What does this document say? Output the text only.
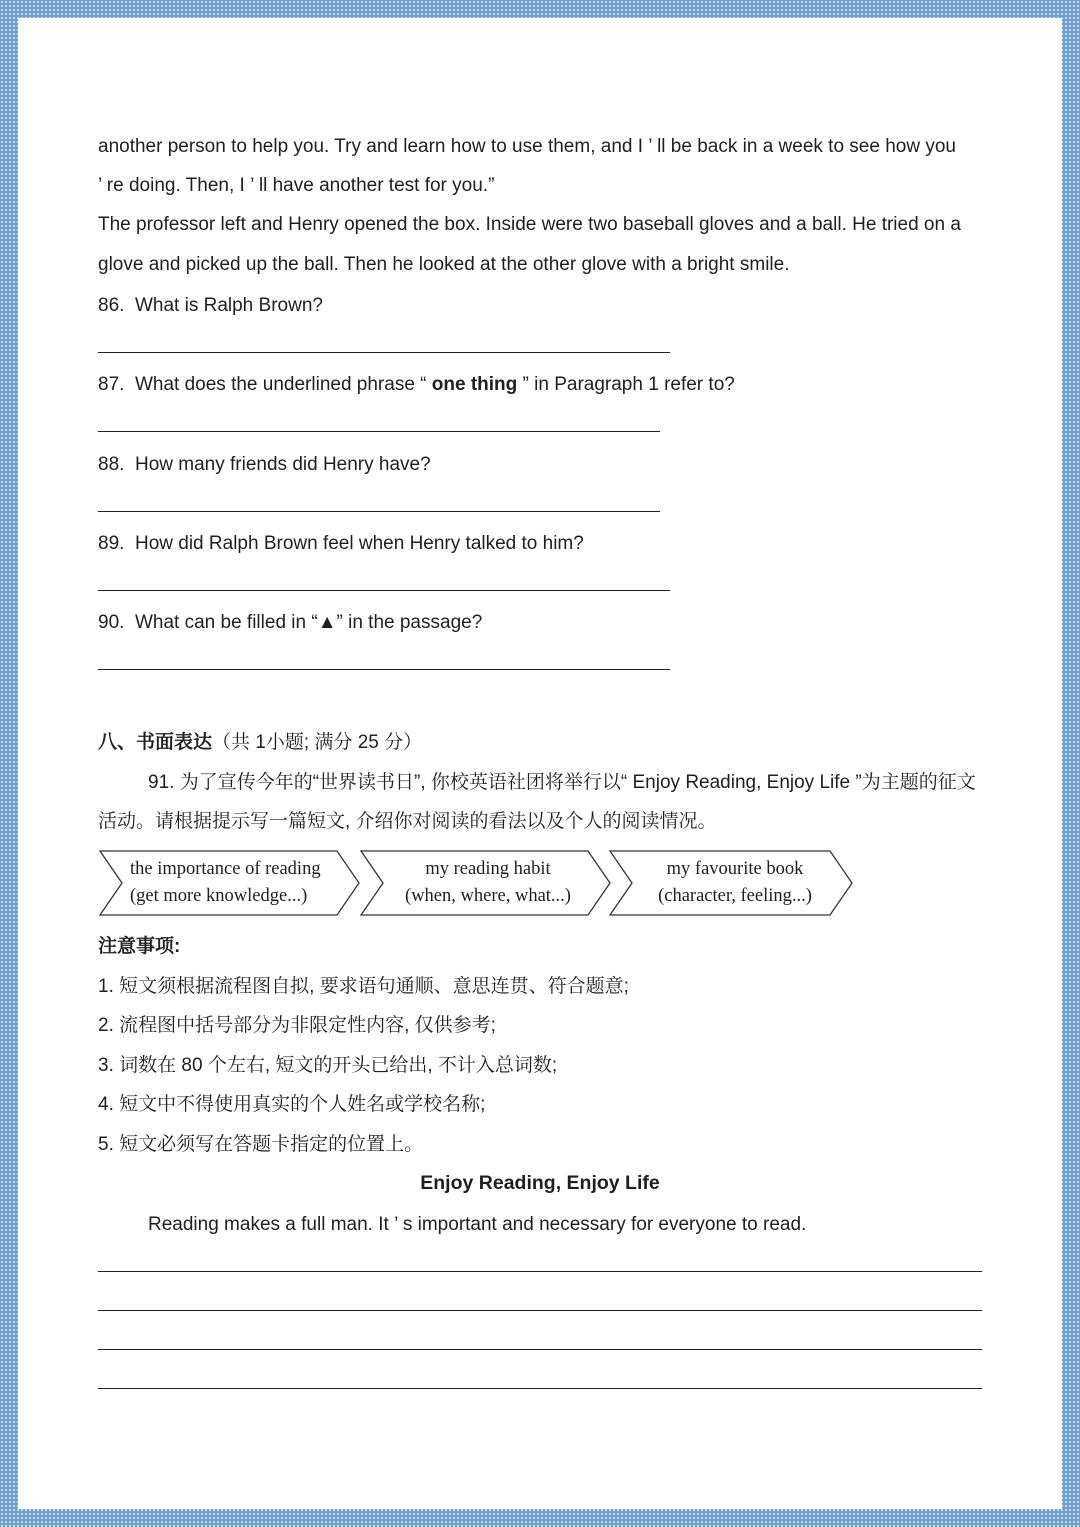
another person to help you. Try and learn how to use them, and I ’ ll be back in a week to see how you
’ re doing. Then, I ’ ll have another test for you.”
The professor left and Henry opened the box. Inside were two baseball gloves and a ball. He tried on a
glove and picked up the ball. Then he looked at the other glove with a bright smile.
86. What is Ralph Brown?
87. What does the underlined phrase “ one thing ” in Paragraph 1 refer to?
88. How many friends did Henry have?
89. How did Ralph Brown feel when Henry talked to him?
90. What can be filled in “▲” in the passage?
八、书面表达（共 1小题; 满分 25 分）
91. 为了宣传今年的“世界读书日”, 你校英语社团将举行以“ Enjoy Reading, Enjoy Life ”为主题的征文
活动。请根据提示写一篇短文, 介绍你对阅读的看法以及个人的阅读情况。
the importance of reading
(get more knowledge...)
my reading habit
(when, where, what...)
my favourite book
(character, feeling...)
注意事项:
1. 短文须根据流程图自拟, 要求语句通顺、意思连贯、符合题意;
2. 流程图中括号部分为非限定性内容, 仅供参考;
3. 词数在 80 个左右, 短文的开头已给出, 不计入总词数;
4. 短文中不得使用真实的个人姓名或学校名称;
5. 短文必须写在答题卡指定的位置上。
Enjoy Reading, Enjoy Life
Reading makes a full man. It ’ s important and necessary for everyone to read.
